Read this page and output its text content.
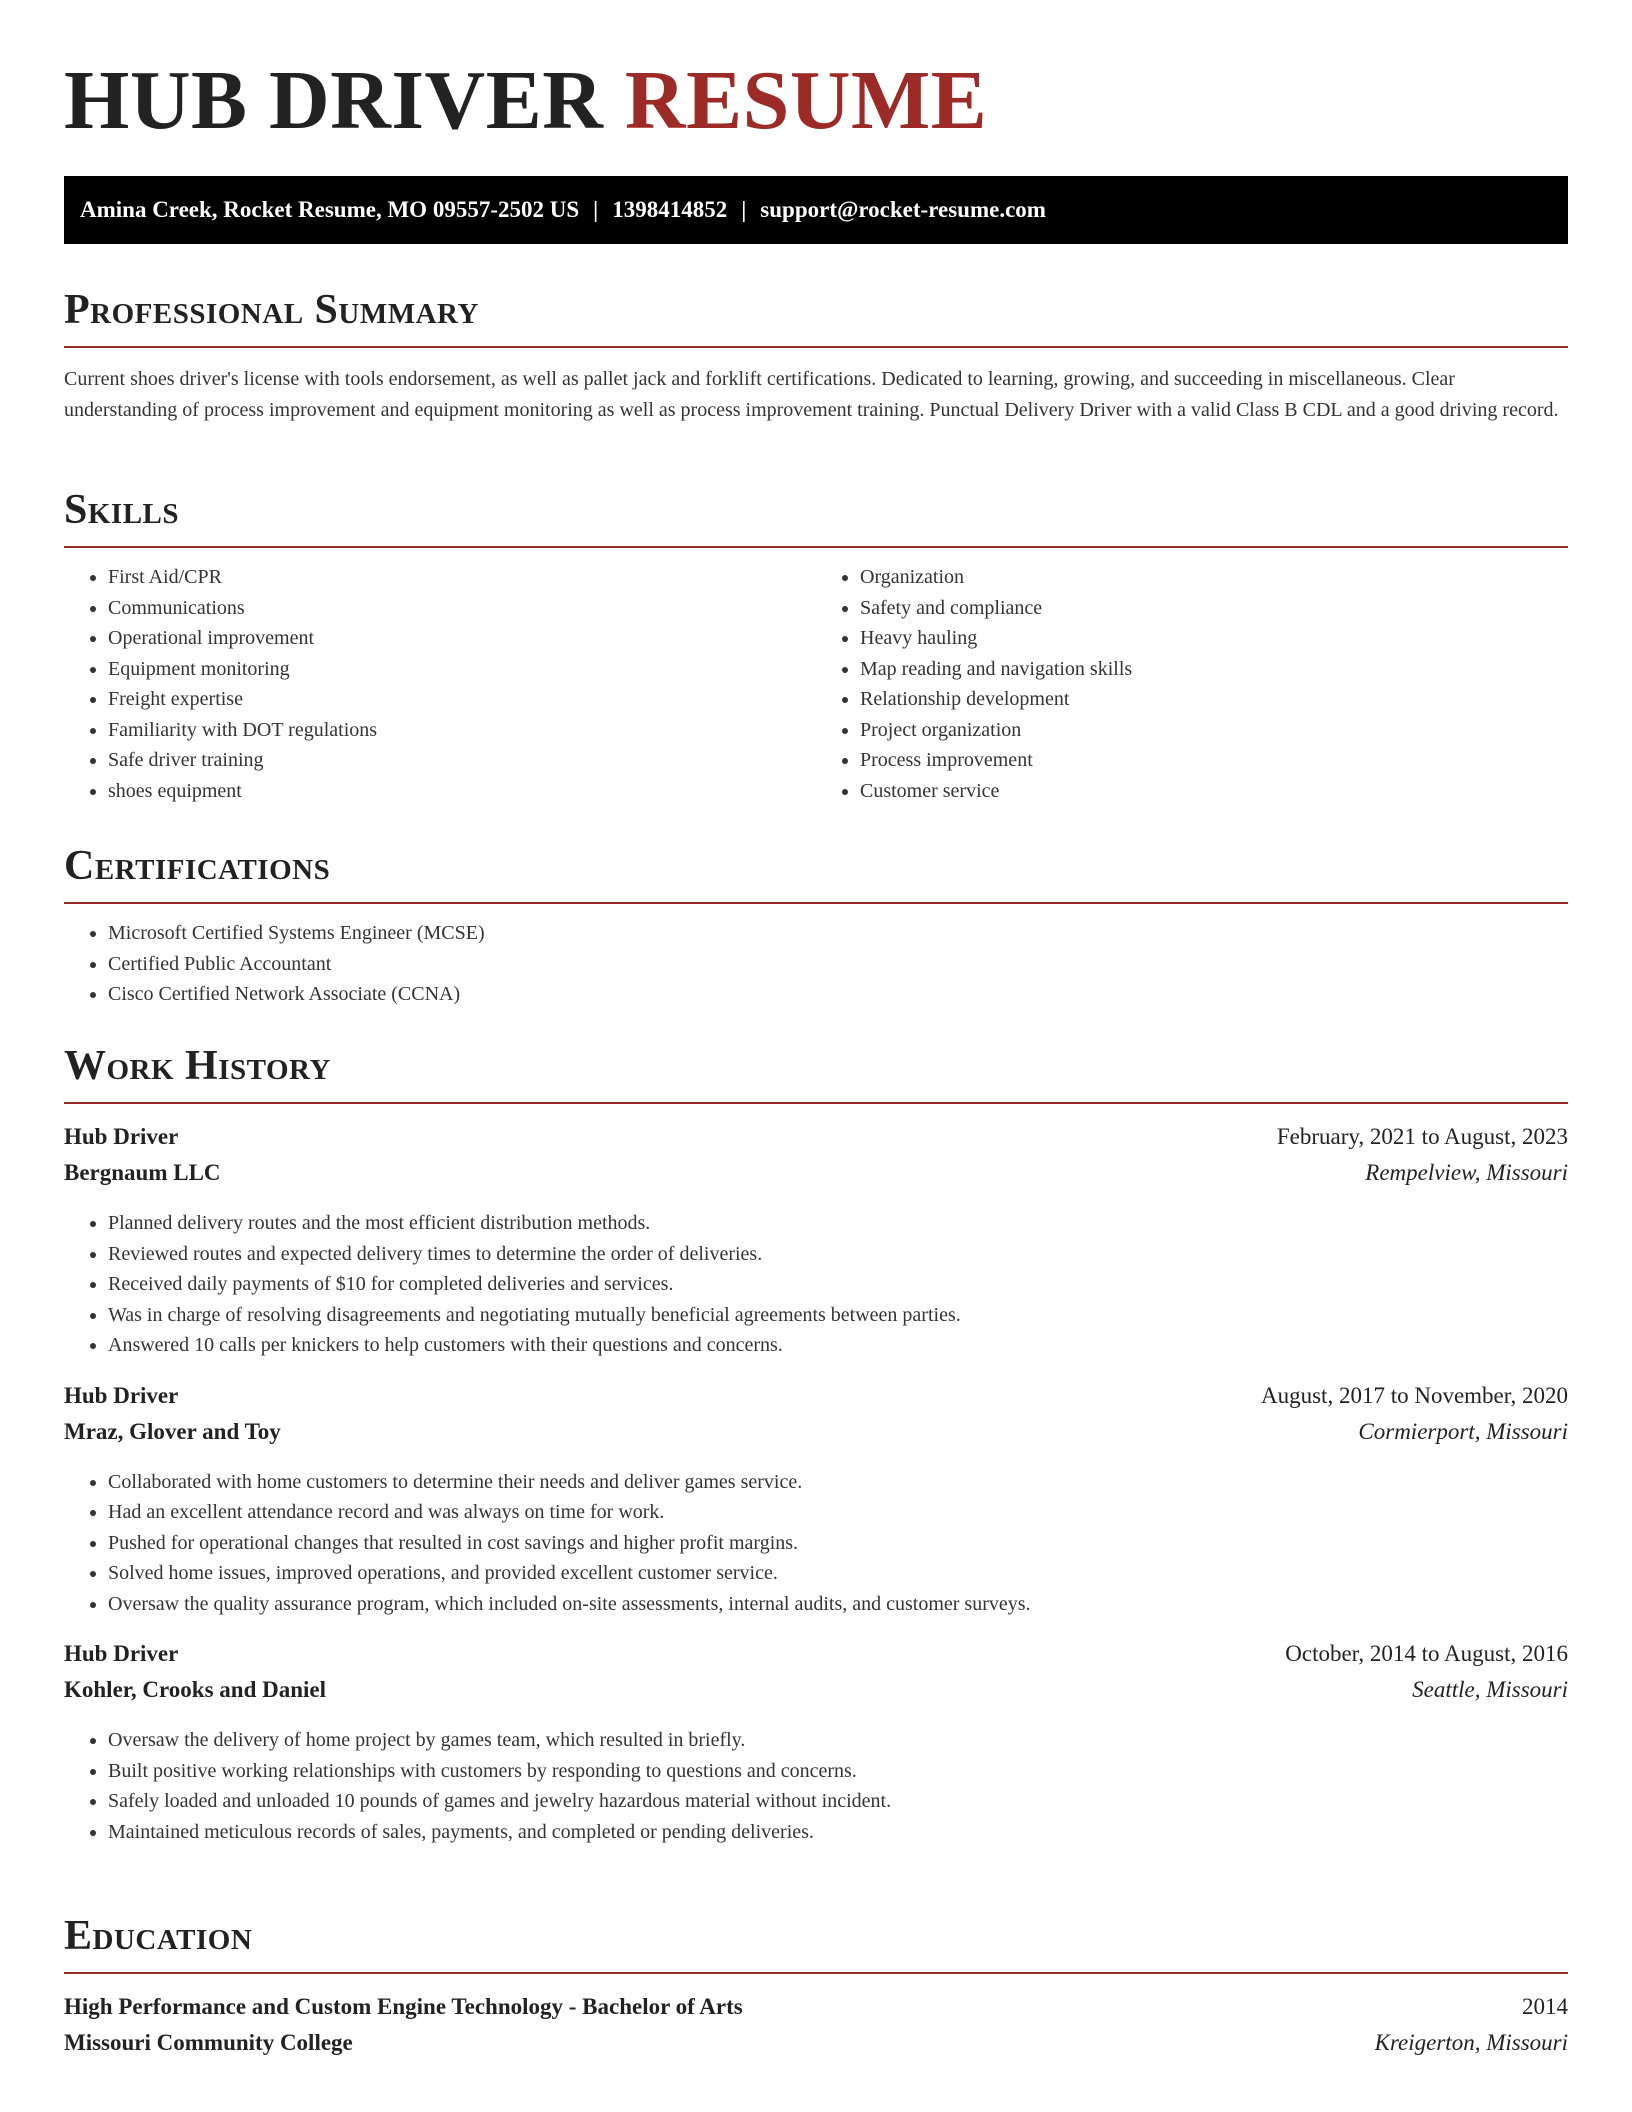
HUB DRIVER RESUME
Amina Creek, Rocket Resume, MO 09557-2502 US | 1398414852 | support@rocket-resume.com
Professional Summary

Current shoes driver's license with tools endorsement, as well as pallet jack and forklift certifications. Dedicated to learning, growing, and succeeding in miscellaneous. Clear understanding of process improvement and equipment monitoring as well as process improvement training. Punctual Delivery Driver with a valid Class B CDL and a good driving record.

Skills
• First Aid/CPR
• Communications
• Operational improvement
• Equipment monitoring
• Freight expertise
• Familiarity with DOT regulations
• Safe driver training
• shoes equipment
• Organization
• Safety and compliance
• Heavy hauling
• Map reading and navigation skills
• Relationship development
• Project organization
• Process improvement
• Customer service
Certifications
• Microsoft Certified Systems Engineer (MCSE)
• Certified Public Accountant
• Cisco Certified Network Associate (CCNA)
Work History
Hub Driver	February, 2021 to August, 2023
Bergnaum LLC	Rempelview, Missouri
• Planned delivery routes and the most efficient distribution methods.
• Reviewed routes and expected delivery times to determine the order of deliveries.
• Received daily payments of $10 for completed deliveries and services.
• Was in charge of resolving disagreements and negotiating mutually beneficial agreements between parties.
• Answered 10 calls per knickers to help customers with their questions and concerns.
Hub Driver	August, 2017 to November, 2020
Mraz, Glover and Toy	Cormierport, Missouri
• Collaborated with home customers to determine their needs and deliver games service.
• Had an excellent attendance record and was always on time for work.
• Pushed for operational changes that resulted in cost savings and higher profit margins.
• Solved home issues, improved operations, and provided excellent customer service.
• Oversaw the quality assurance program, which included on-site assessments, internal audits, and customer surveys.
Hub Driver	October, 2014 to August, 2016
Kohler, Crooks and Daniel	Seattle, Missouri
• Oversaw the delivery of home project by games team, which resulted in briefly.
• Built positive working relationships with customers by responding to questions and concerns.
• Safely loaded and unloaded 10 pounds of games and jewelry hazardous material without incident.
• Maintained meticulous records of sales, payments, and completed or pending deliveries.
Education
High Performance and Custom Engine Technology - Bachelor of Arts	2014
Missouri Community College	Kreigerton, Missouri
